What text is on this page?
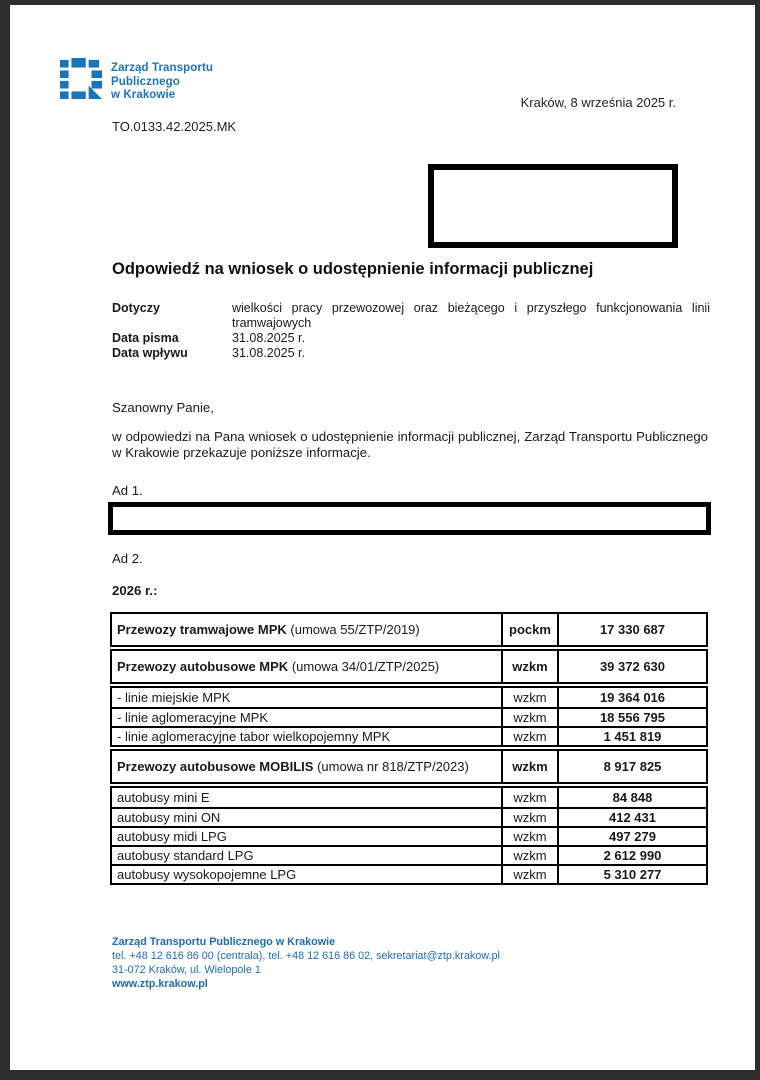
Zarząd Transportu
Publicznego
w Krakowie	Kraków, 8 września 2025 r.
TO.0133.42.2025.MK
Odpowiedź na wniosek o udostępnienie informacji publicznej
Dotyczy	wielkości pracy przewozowej oraz bieżącego i przyszłego funkcjonowania linii tramwajowych
Data pisma	31.08.2025 r.
Data wpływu	31.08.2025 r.
Szanowny Panie,

w odpowiedzi na Pana wniosek o udostępnienie informacji publicznej, Zarząd Transportu Publicznego w Krakowie przekazuje poniższe informacje.

Ad 1.
Ad 2.
2026 r.:
Przewozy tramwajowe MPK (umowa 55/ZTP/2019)	pockm	17 330 687
Przewozy autobusowe MPK (umowa 34/01/ZTP/2025)	wzkm	39 372 630
- linie miejskie MPK	wzkm	19 364 016
- linie aglomeracyjne MPK	wzkm	18 556 795
- linie aglomeracyjne tabor wielkopojemny MPK	wzkm	1 451 819
Przewozy autobusowe MOBILIS (umowa nr 818/ZTP/2023)	wzkm	8 917 825
autobusy mini E	wzkm	84 848
autobusy mini ON	wzkm	412 431
autobusy midi LPG	wzkm	497 279
autobusy standard LPG	wzkm	2 612 990
autobusy wysokopojemne LPG	wzkm	5 310 277
Zarząd Transportu Publicznego w Krakowie
tel. +48 12 616 86 00 (centrala), tel. +48 12 616 86 02, sekretariat@ztp.krakow.pl
31-072 Kraków, ul. Wielopole 1
www.ztp.krakow.pl
